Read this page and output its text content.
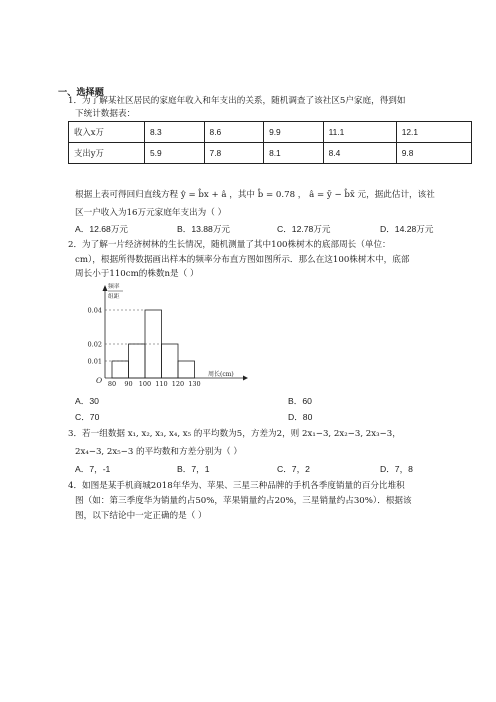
一、选择题
1．为了解某社区居民的家庭年收入和年支出的关系，随机调查了该社区5户家庭，得到如
下统计数据表：
收入x万	8.3	8.6	9.9	11.1	12.1
支出y万	5.9	7.8	8.1	8.4	9.8
根据上表可得回归直线方程 ŷ = b̂x + â ，其中 b̂ = 0.78 ， â = ȳ − b̂x̄ 元，据此估计，该社
区一户收入为16万元家庭年支出为（ ）
A．12.68万元	B．13.88万元	C．12.78万元	D．14.28万元
2．为了解一片经济树林的生长情况，随机测量了其中100株树木的底部周长（单位：
cm），根据所得数据画出样本的频率分布直方图如图所示．那么在这100株树木中，底部
周长小于110cm的株数n是（ ）
0.04
0.02
0.01
80 90 100 110 120 130
O
周长(cm)
频率
组距
A．30	B．60
C．70	D．80
3．若一组数据 x₁, x₂, x₃, x₄, x₅ 的平均数为5，方差为2，则 2x₁−3, 2x₂−3, 2x₃−3，
2x₄−3, 2x₅−3 的平均数和方差分别为（ ）
A．7，-1	B．7，1	C．7，2	D．7，8
4．如图是某手机商城2018年华为、苹果、三星三种品牌的手机各季度销量的百分比堆积
图（如：第三季度华为销量约占50%，苹果销量约占20%，三星销量约占30%）．根据该
图，以下结论中一定正确的是（ ）
